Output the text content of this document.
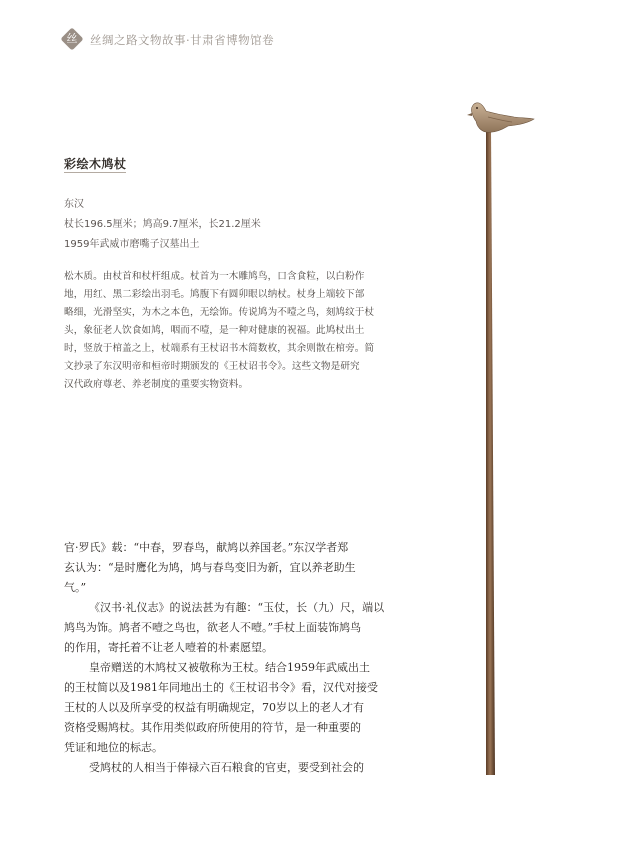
丝	丝绸之路文物故事·甘肃省博物馆卷
彩绘木鸠杖
东汉
杖长196.5厘米；鸠高9.7厘米，长21.2厘米
1959年武威市磨嘴子汉墓出土
松木质。由杖首和杖杆组成。杖首为一木雕鸠鸟，口含食粒，以白粉作
地，用红、黑二彩绘出羽毛。鸠腹下有圆卯眼以纳杖。杖身上端较下部
略细，光滑坚实，为木之本色，无绘饰。传说鸠为不噎之鸟，刻鸠纹于杖
头，象征老人饮食如鸠，咽而不噎，是一种对健康的祝福。此鸠杖出土
时，竖放于棺盖之上，杖端系有王杖诏书木简数枚，其余则散在棺旁。简
文抄录了东汉明帝和桓帝时期颁发的《王杖诏书令》。这些文物是研究
汉代政府尊老、养老制度的重要实物资料。
官·罗氏》载：“中春，罗春鸟，献鸠以养国老。”东汉学者郑
玄认为：“是时鹰化为鸠，鸠与春鸟变旧为新，宜以养老助生
气。”
《汉书·礼仪志》的说法甚为有趣：“玉仗，长（九）尺，端以
鸠鸟为饰。鸠者不噎之鸟也，欲老人不噎。”手杖上面装饰鸠鸟
的作用，寄托着不让老人噎着的朴素愿望。
皇帝赠送的木鸠杖又被敬称为王杖。结合1959年武威出土
的王杖简以及1981年同地出土的《王杖诏书令》看，汉代对接受
王杖的人以及所享受的权益有明确规定，70岁以上的老人才有
资格受赐鸠杖。其作用类似政府所使用的符节，是一种重要的
凭证和地位的标志。
受鸠杖的人相当于俸禄六百石粮食的官吏，要受到社会的
